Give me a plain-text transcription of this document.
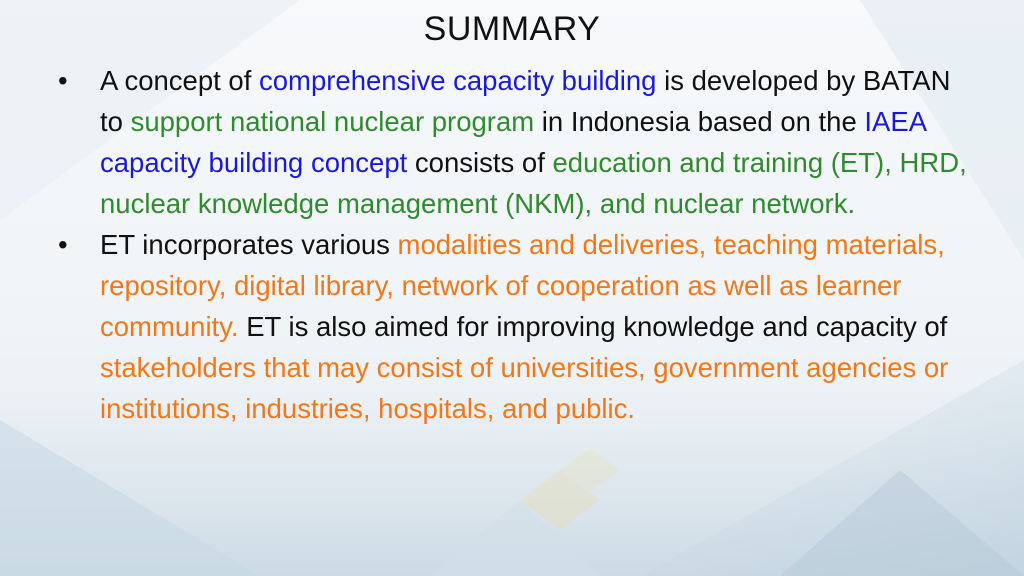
SUMMARY
•	A concept of comprehensive capacity building is developed by BATAN to support national nuclear program in Indonesia based on the IAEA capacity building concept consists of education and training (ET), HRD, nuclear knowledge management (NKM), and nuclear network.
•	ET incorporates various modalities and deliveries, teaching materials, repository, digital library, network of cooperation as well as learner community. ET is also aimed for improving knowledge and capacity of stakeholders that may consist of universities, government agencies or institutions, industries, hospitals, and public.
